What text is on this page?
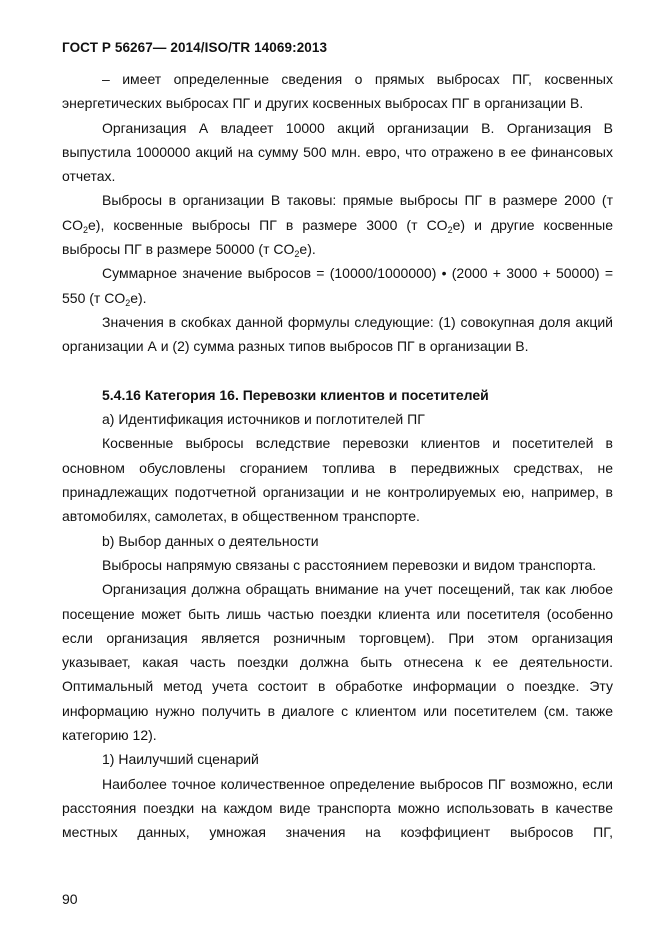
ГОСТ Р 56267— 2014/ISO/TR 14069:2013

– имеет определенные сведения о прямых выбросах ПГ, косвенных энергетических выбросах ПГ и других косвенных выбросах ПГ в организации В.

Организация А владеет 10000 акций организации В. Организация В выпустила 1000000 акций на сумму 500 млн. евро, что отражено в ее финансовых отчетах.

Выбросы в организации В таковы: прямые выбросы ПГ в размере 2000 (т $CO_2e$), косвенные выбросы ПГ в размере 3000 (т $CO_2e$) и другие косвенные выбросы ПГ в размере 50000 (т $CO_2e$).

Суммарное значение выбросов = (10000/1000000) • (2000 + 3000 + 50000) = 550 (т $CO_2e$).

Значения в скобках данной формулы следующие: (1) совокупная доля акций организации А и (2) сумма разных типов выбросов ПГ в организации В.

5.4.16 Категория 16. Перевозки клиентов и посетителей

a) Идентификация источников и поглотителей ПГ

Косвенные выбросы вследствие перевозки клиентов и посетителей в основном обусловлены сгоранием топлива в передвижных средствах, не принадлежащих подотчетной организации и не контролируемых ею, например, в автомобилях, самолетах, в общественном транспорте.

b) Выбор данных о деятельности

Выбросы напрямую связаны с расстоянием перевозки и видом транспорта.

Организация должна обращать внимание на учет посещений, так как любое посещение может быть лишь частью поездки клиента или посетителя (особенно если организация является розничным торговцем). При этом организация указывает, какая часть поездки должна быть отнесена к ее деятельности. Оптимальный метод учета состоит в обработке информации о поездке. Эту информацию нужно получить в диалоге с клиентом или посетителем (см. также категорию 12).

1) Наилучший сценарий

Наиболее точное количественное определение выбросов ПГ возможно, если расстояния поездки на каждом виде транспорта можно использовать в качестве местных данных, умножая значения на коэффициент выбросов ПГ,

90
